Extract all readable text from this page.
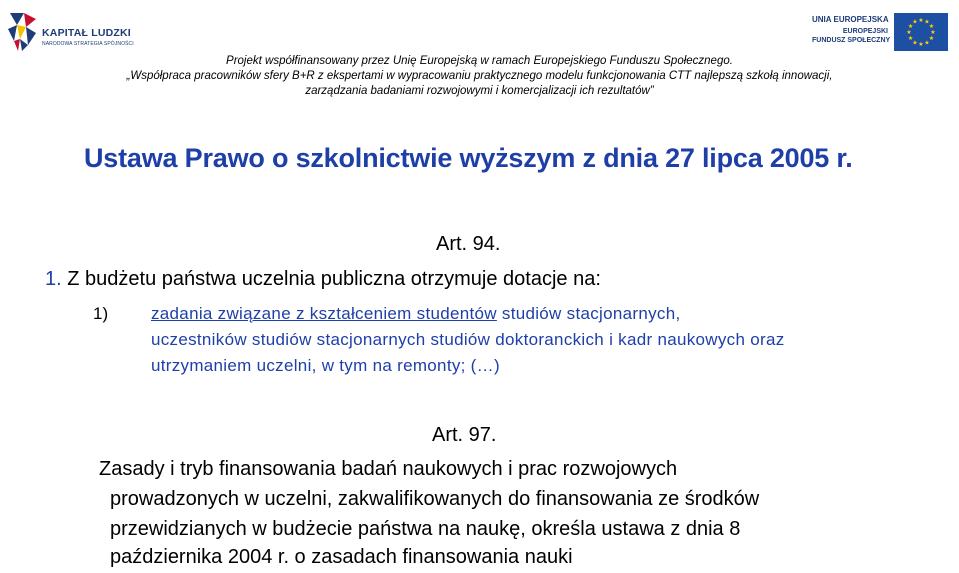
KAPITAŁ LUDZKI
NARODOWA STRATEGIA SPÓJNOŚCI
UNIA EUROPEJSKA
EUROPEJSKI
FUNDUSZ SPOŁECZNY
★ ★
★
★
★
★
★
★
★
★
★
★
Projekt współfinansowany przez Unię Europejską w ramach Europejskiego Funduszu Społecznego.
„Współpraca pracowników sfery B+R z ekspertami w wypracowaniu praktycznego modelu funkcjonowania CTT najlepszą szkołą innowacji,
zarządzania badaniami rozwojowymi i komercjalizacji ich rezultatów”
Ustawa Prawo o szkolnictwie wyższym z dnia 27 lipca 2005 r.
Art. 94.
1. Z budżetu państwa uczelnia publiczna otrzymuje dotacje na:
1)	zadania związane z kształceniem studentów studiów stacjonarnych,
uczestników studiów stacjonarnych studiów doktoranckich i kadr naukowych oraz
utrzymaniem uczelni, w tym na remonty; (…)
Art. 97.
Zasady i tryb finansowania badań naukowych i prac rozwojowych
prowadzonych w uczelni, zakwalifikowanych do finansowania ze środków
przewidzianych w budżecie państwa na naukę, określa ustawa z dnia 8
października 2004 r. o zasadach finansowania nauki
